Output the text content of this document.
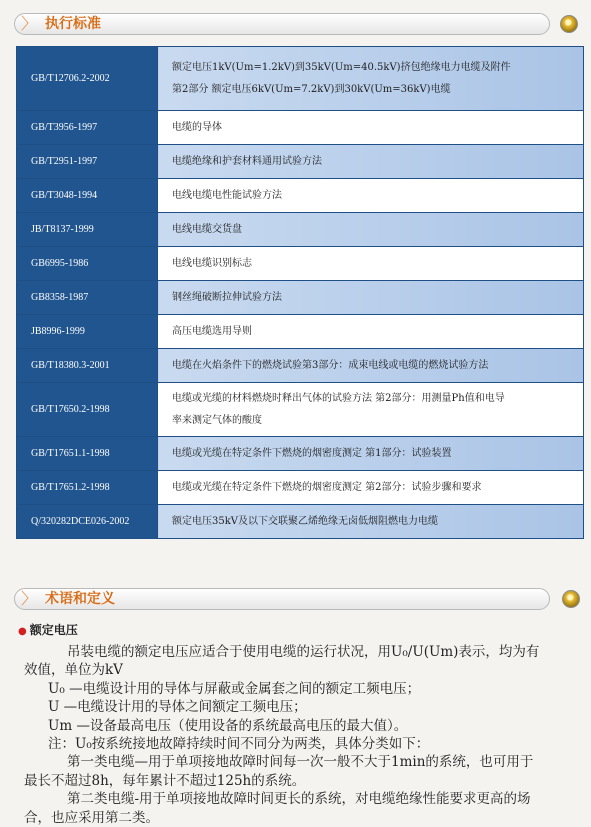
〉 执行标准
GB/T12706.2-2002	额定电压1kV(Um=1.2kV)到35kV(Um=40.5kV)挤包绝缘电力电缆及附件
第2部分 额定电压6kV(Um=7.2kV)到30kV(Um=36kV)电缆

GB/T3956-1997	电缆的导体

GB/T2951-1997	电缆绝缘和护套材料通用试验方法

GB/T3048-1994	电线电缆电性能试验方法

JB/T8137-1999	电线电缆交货盘

GB6995-1986	电线电缆识别标志

GB8358-1987	钢丝绳破断拉伸试验方法

JB8996-1999	高压电缆选用导则

GB/T18380.3-2001	电缆在火焰条件下的燃烧试验第3部分：成束电线或电缆的燃烧试验方法

GB/T17650.2-1998	电缆或光缆的材料燃烧时释出气体的试验方法 第2部分：用测量Ph值和电导
率来测定气体的酸度

GB/T17651.1-1998	电缆或光缆在特定条件下燃烧的烟密度测定 第1部分：试验装置

GB/T17651.2-1998	电缆或光缆在特定条件下燃烧的烟密度测定 第2部分：试验步骤和要求

Q/320282DCE026-2002	额定电压35kV及以下交联聚乙烯绝缘无卤低烟阻燃电力电缆
〉 术语和定义
● 额定电压

吊装电缆的额定电压应适合于使用电缆的运行状况，用U₀/U(Um)表示，均为有

效值，单位为kV

U₀ —电缆设计用的导体与屏蔽或金属套之间的额定工频电压；

U —电缆设计用的导体之间额定工频电压；

Um —设备最高电压（使用设备的系统最高电压的最大值）。

注：U₀按系统接地故障持续时间不同分为两类，具体分类如下：

第一类电缆—用于单项接地故障时间每一次一般不大于1min的系统，也可用于

最长不超过8h，每年累计不超过125h的系统。

第二类电缆-用于单项接地故障时间更长的系统，对电缆绝缘性能要求更高的场

合，也应采用第二类。
